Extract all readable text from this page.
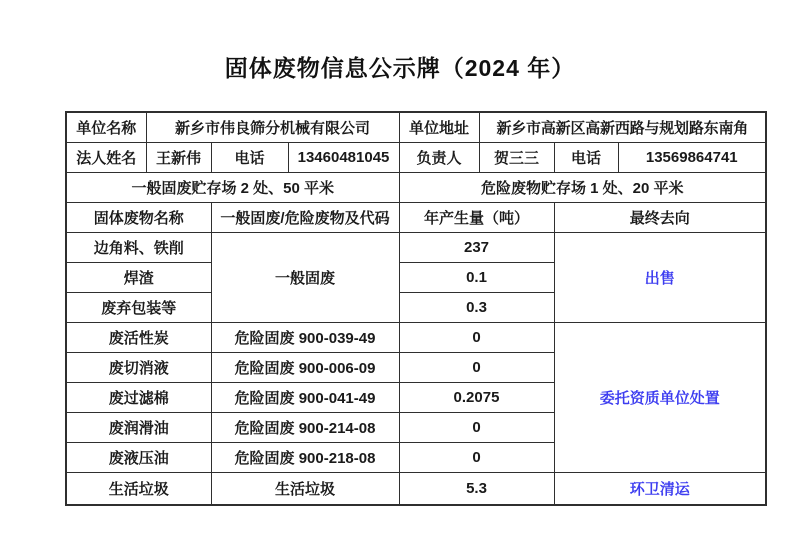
固体废物信息公示牌（2024 年）
单位名称	新乡市伟良筛分机械有限公司			单位地址	新乡市高新区高新西路与规划路东南角		
法人姓名	王新伟	电话	13460481045	负责人	贺三三	电话	13569864741
一般固废贮存场 2 处、50 平米				危险废物贮存场 1 处、20 平米			
固体废物名称		一般固废/危险废物及代码		年产生量（吨）		最终去向	
边角料、铁削		一般固废		237		出售	
焊渣				0.1			
废弃包装等				0.3			
废活性炭		危险固废 900-039-49		0		委托资质单位处置	
废切消液		危险固废 900-006-09		0			
废过滤棉		危险固废 900-041-49		0.2075			
废润滑油		危险固废 900-214-08		0			
废液压油		危险固废 900-218-08		0			
生活垃圾		生活垃圾		5.3		环卫清运	
